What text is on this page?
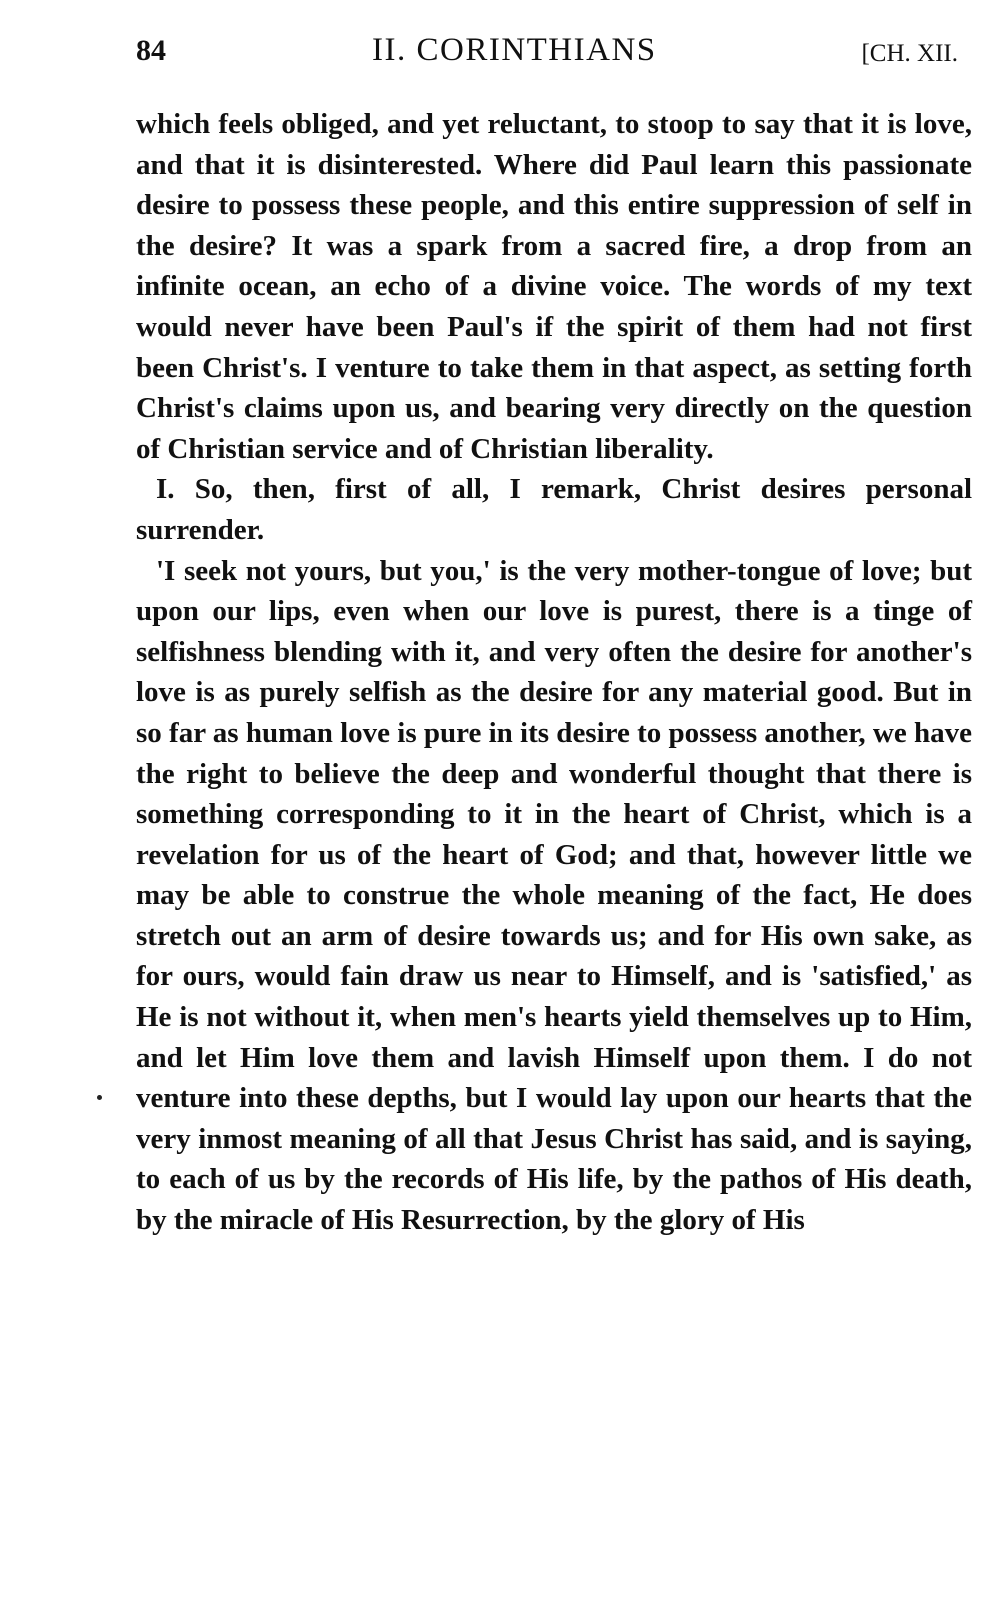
84	II. CORINTHIANS	[CH. XII.

which feels obliged, and yet reluctant, to stoop to say that it is love, and that it is disinterested. Where did Paul learn this passionate desire to possess these people, and this entire suppression of self in the desire? It was a spark from a sacred fire, a drop from an infinite ocean, an echo of a divine voice. The words of my text would never have been Paul's if the spirit of them had not first been Christ's. I venture to take them in that aspect, as setting forth Christ's claims upon us, and bearing very directly on the question of Christian service and of Christian liberality.

I. So, then, first of all, I remark, Christ desires personal surrender.

'I seek not yours, but you,' is the very mother-tongue of love; but upon our lips, even when our love is purest, there is a tinge of selfishness blending with it, and very often the desire for another's love is as purely selfish as the desire for any material good. But in so far as human love is pure in its desire to possess another, we have the right to believe the deep and wonderful thought that there is something corresponding to it in the heart of Christ, which is a revelation for us of the heart of God; and that, however little we may be able to construe the whole meaning of the fact, He does stretch out an arm of desire towards us; and for His own sake, as for ours, would fain draw us near to Himself, and is 'satisfied,' as He is not without it, when men's hearts yield themselves up to Him, and let Him love them and lavish Himself upon them. I do not venture into these depths, but I would lay upon our hearts that the very inmost meaning of all that Jesus Christ has said, and is saying, to each of us by the records of His life, by the pathos of His death, by the miracle of His Resurrection, by the glory of His
